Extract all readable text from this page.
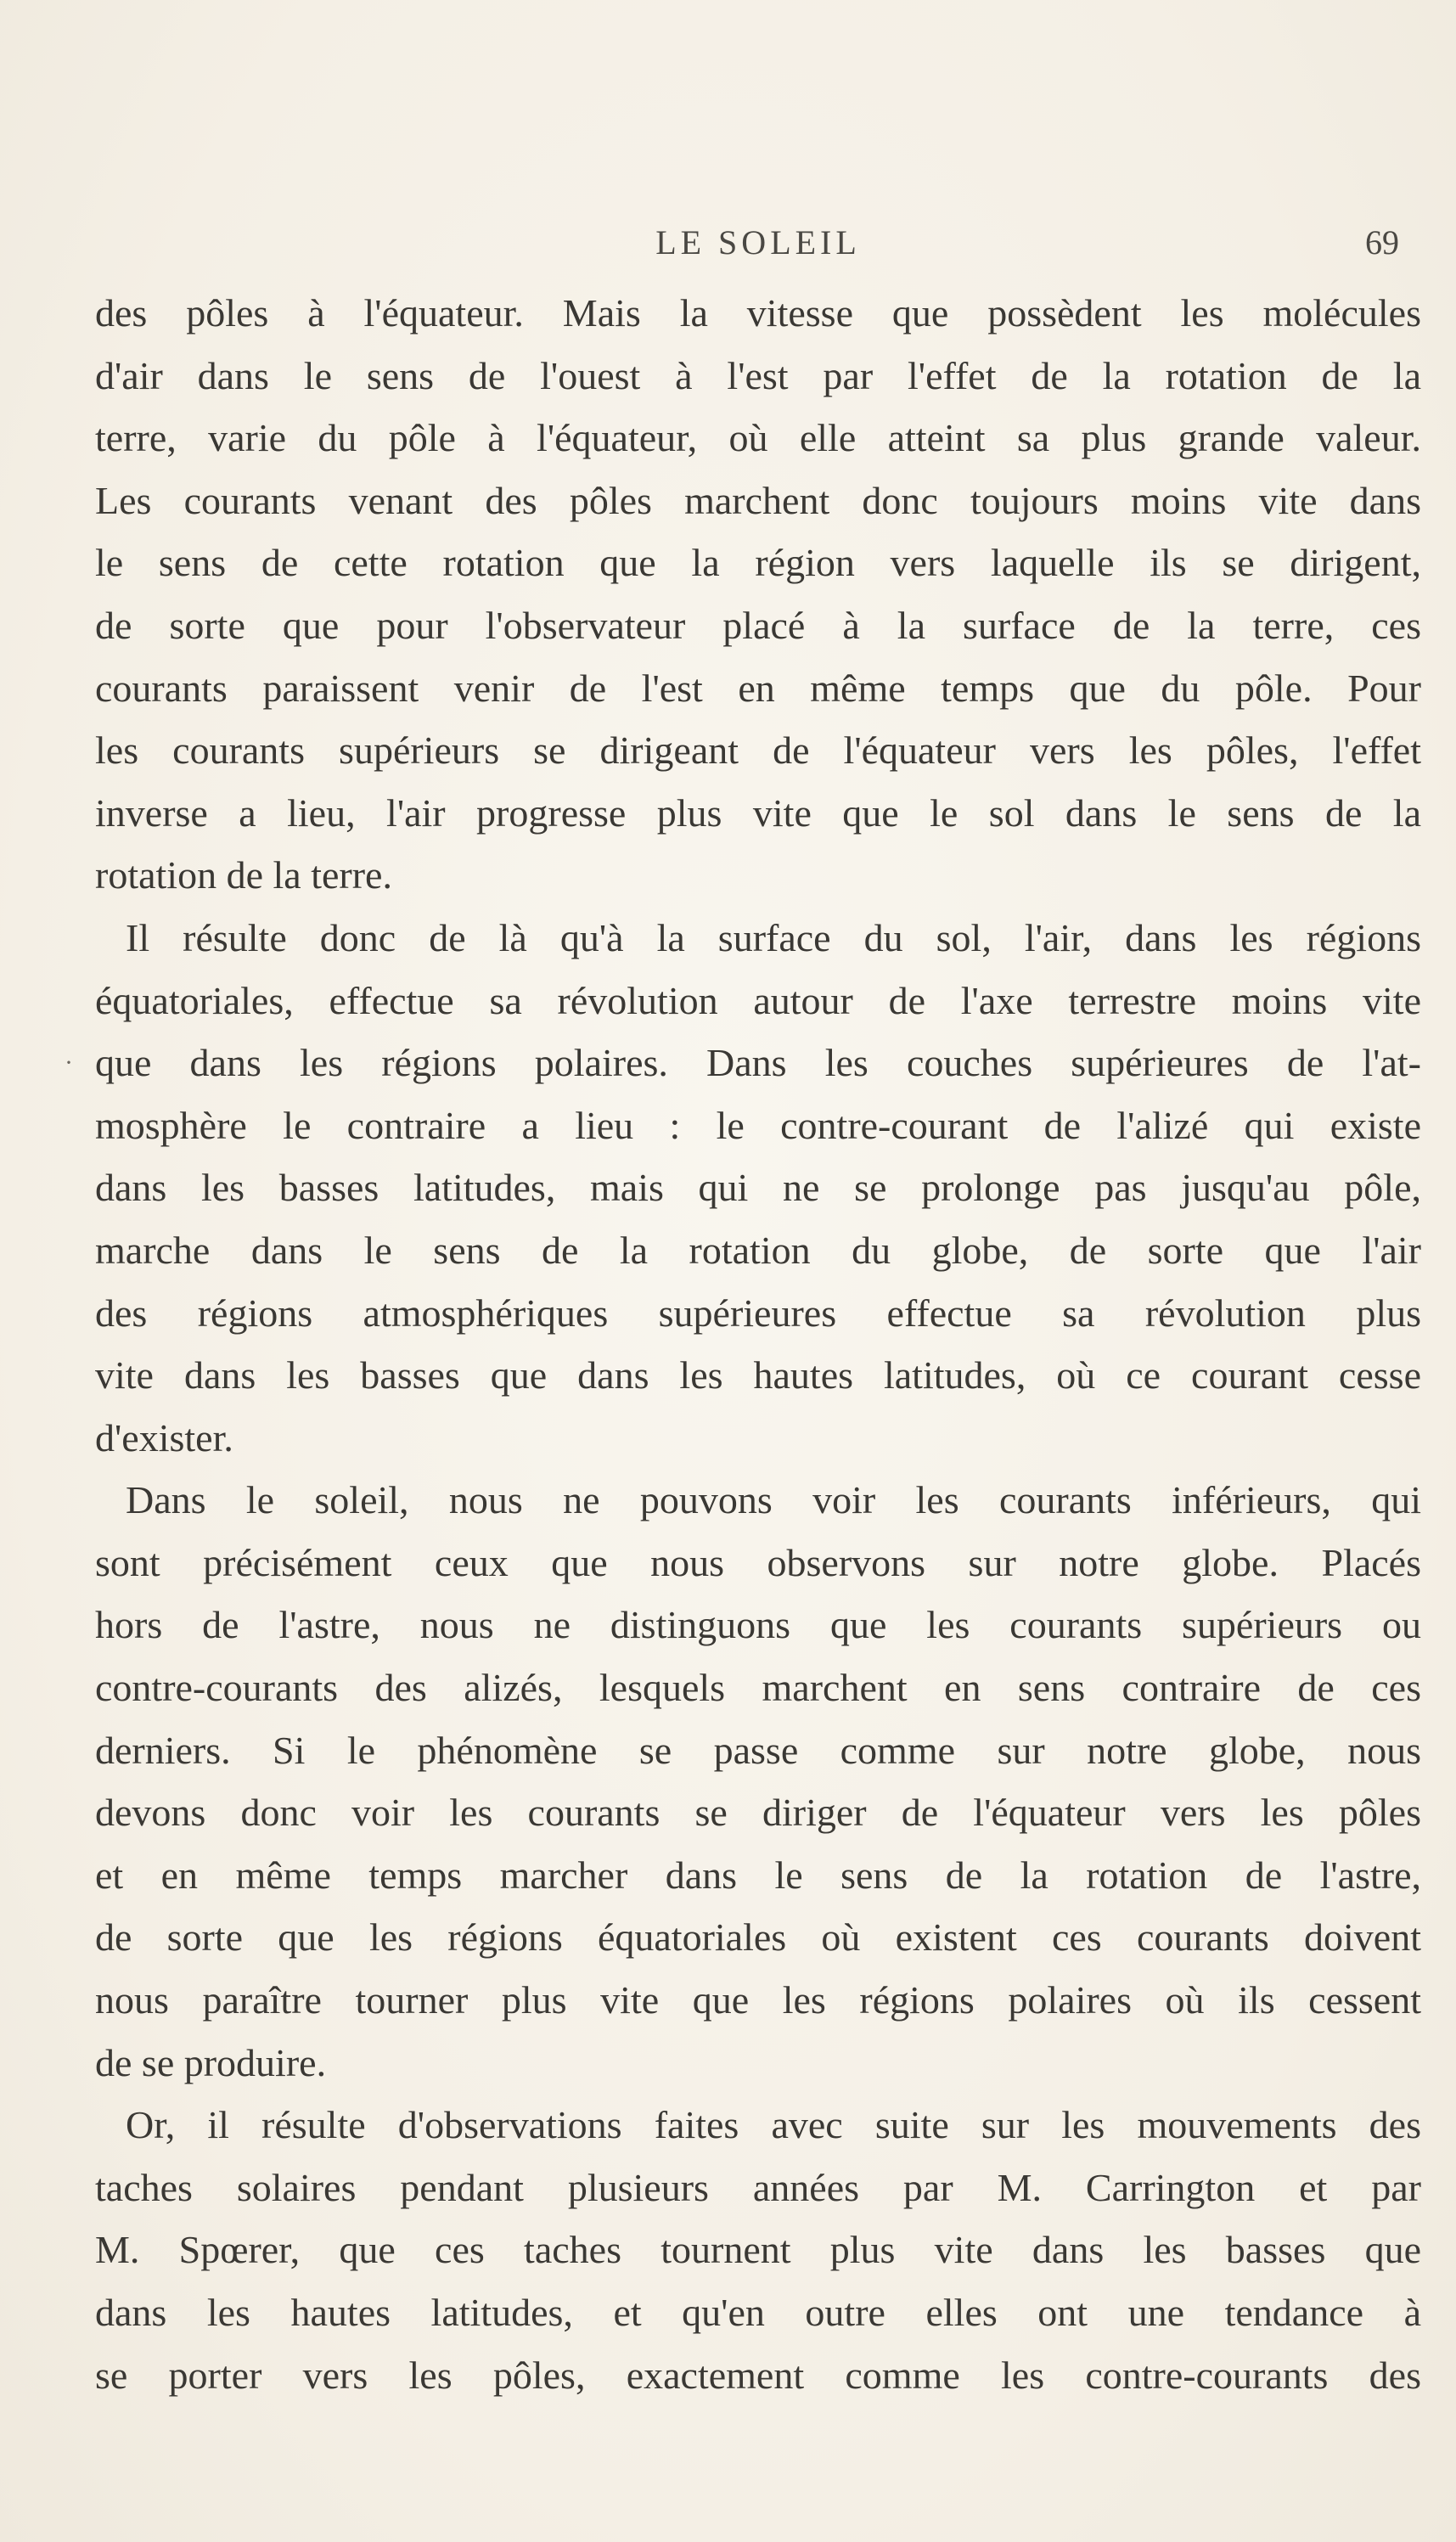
LE SOLEIL	69
·
des pôles à l'équateur. Mais la vitesse que possèdent les molécules
d'air dans le sens de l'ouest à l'est par l'effet de la rotation de la
terre, varie du pôle à l'équateur, où elle atteint sa plus grande valeur.
Les courants venant des pôles marchent donc toujours moins vite dans
le sens de cette rotation que la région vers laquelle ils se dirigent,
de sorte que pour l'observateur placé à la surface de la terre, ces
courants paraissent venir de l'est en même temps que du pôle. Pour
les courants supérieurs se dirigeant de l'équateur vers les pôles, l'effet
inverse a lieu, l'air progresse plus vite que le sol dans le sens de la
rotation de la terre.
Il résulte donc de là qu'à la surface du sol, l'air, dans les régions
équatoriales, effectue sa révolution autour de l'axe terrestre moins vite
que dans les régions polaires. Dans les couches supérieures de l'at-
mosphère le contraire a lieu : le contre-courant de l'alizé qui existe
dans les basses latitudes, mais qui ne se prolonge pas jusqu'au pôle,
marche dans le sens de la rotation du globe, de sorte que l'air
des régions atmosphériques supérieures effectue sa révolution plus
vite dans les basses que dans les hautes latitudes, où ce courant cesse
d'exister.
Dans le soleil, nous ne pouvons voir les courants inférieurs, qui
sont précisément ceux que nous observons sur notre globe. Placés
hors de l'astre, nous ne distinguons que les courants supérieurs ou
contre-courants des alizés, lesquels marchent en sens contraire de ces
derniers. Si le phénomène se passe comme sur notre globe, nous
devons donc voir les courants se diriger de l'équateur vers les pôles
et en même temps marcher dans le sens de la rotation de l'astre,
de sorte que les régions équatoriales où existent ces courants doivent
nous paraître tourner plus vite que les régions polaires où ils cessent
de se produire.
Or, il résulte d'observations faites avec suite sur les mouvements des
taches solaires pendant plusieurs années par M. Carrington et par
M. Spœrer, que ces taches tournent plus vite dans les basses que
dans les hautes latitudes, et qu'en outre elles ont une tendance à
se porter vers les pôles, exactement comme les contre-courants des
